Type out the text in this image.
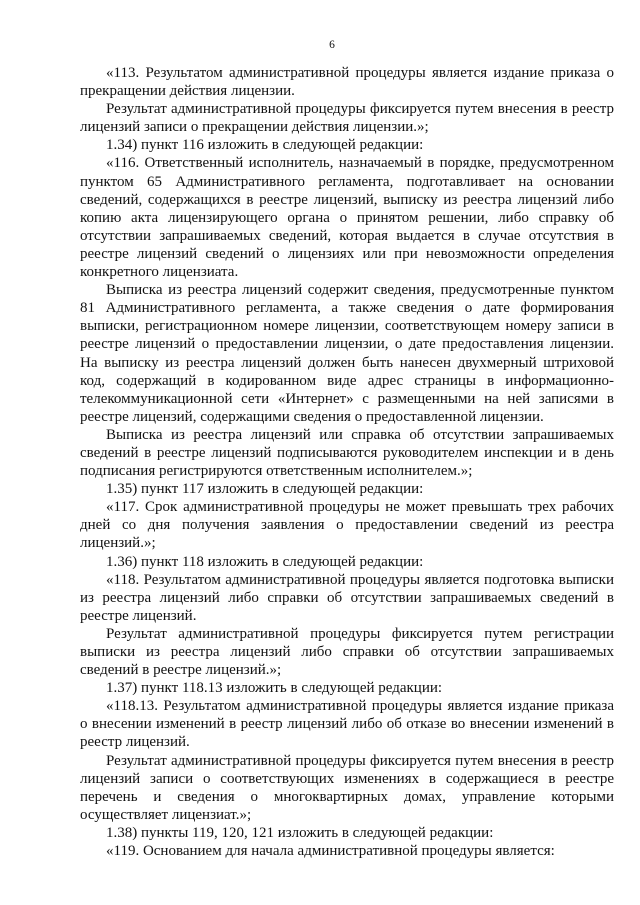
6

«113. Результатом административной процедуры является издание приказа о прекращении действия лицензии.

Результат административной процедуры фиксируется путем внесения в реестр лицензий записи о прекращении действия лицензии.»;

1.34) пункт 116 изложить в следующей редакции:

«116. Ответственный исполнитель, назначаемый в порядке, предусмотренном пунктом 65 Административного регламента, подготавливает на основании сведений, содержащихся в реестре лицензий, выписку из реестра лицензий либо копию акта лицензирующего органа о принятом решении, либо справку об отсутствии запрашиваемых сведений, которая выдается в случае отсутствия в реестре лицензий сведений о лицензиях или при невозможности определения конкретного лицензиата.

Выписка из реестра лицензий содержит сведения, предусмотренные пунктом 81 Административного регламента, а также сведения о дате формирования выписки, регистрационном номере лицензии, соответствующем номеру записи в реестре лицензий о предоставлении лицензии, о дате предоставления лицензии. На выписку из реестра лицензий должен быть нанесен двухмерный штриховой код, содержащий в кодированном виде адрес страницы в информационно-телекоммуникационной сети «Интернет» с размещенными на ней записями в реестре лицензий, содержащими сведения о предоставленной лицензии.

Выписка из реестра лицензий или справка об отсутствии запрашиваемых сведений в реестре лицензий подписываются руководителем инспекции и в день подписания регистрируются ответственным исполнителем.»;

1.35) пункт 117 изложить в следующей редакции:

«117. Срок административной процедуры не может превышать трех рабочих дней со дня получения заявления о предоставлении сведений из реестра лицензий.»;

1.36) пункт 118 изложить в следующей редакции:

«118. Результатом административной процедуры является подготовка выписки из реестра лицензий либо справки об отсутствии запрашиваемых сведений в реестре лицензий.

Результат административной процедуры фиксируется путем регистрации выписки из реестра лицензий либо справки об отсутствии запрашиваемых сведений в реестре лицензий.»;

1.37) пункт 118.13 изложить в следующей редакции:

«118.13. Результатом административной процедуры является издание приказа о внесении изменений в реестр лицензий либо об отказе во внесении изменений в реестр лицензий.

Результат административной процедуры фиксируется путем внесения в реестр лицензий записи о соответствующих изменениях в содержащиеся в реестре перечень и сведения о многоквартирных домах, управление которыми осуществляет лицензиат.»;

1.38) пункты 119, 120, 121 изложить в следующей редакции:

«119. Основанием для начала административной процедуры является:
